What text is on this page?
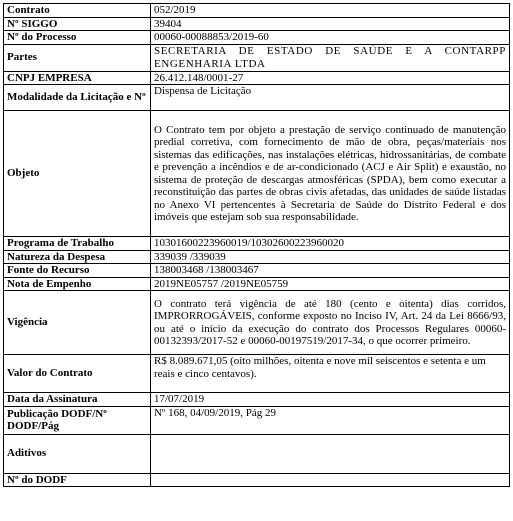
Contrato	052/2019
Nº SIGGO	39404
Nº do Processo	00060-00088853/2019-60
Partes	SECRETARIA DE ESTADO DE SAÚDE E A CONTARPP ENGENHARIA LTDA
CNPJ EMPRESA	26.412.148/0001-27
Modalidade da Licitação e Nº	Dispensa de Licitação
Objeto	O Contrato tem por objeto a prestação de serviço continuado de manutenção predial corretiva, com fornecimento de mão de obra, peças/materiais nos sistemas das edificações, nas instalações elétricas, hidrossanitárias, de combate e prevenção a incêndios e de ar-condicionado (ACJ e Air Split) e exaustão, no sistema de proteção de descargas atmosféricas (SPDA), bem como executar a reconstituição das partes de obras civis afetadas, das unidades de saúde listadas no Anexo VI pertencentes à Secretaria de Saúde do Distrito Federal e dos imóveis que estejam sob sua responsabilidade.
Programa de Trabalho	10301600223960019/10302600223960020
Natureza da Despesa	339039 /339039
Fonte do Recurso	138003468 /138003467
Nota de Empenho	2019NE05757 /2019NE05759
Vigência	O contrato terá vigência de até 180 (cento e oitenta) dias corridos, IMPRORROGÁVEIS, conforme exposto no Inciso IV, Art. 24 da Lei 8666/93, ou até o início da execução do contrato dos Processos Regulares 00060-00132393/2017-52 e 00060-00197519/2017-34, o que ocorrer primeiro.
Valor do Contrato	R$ 8.089.671,05 (oito milhões, oitenta e nove mil seiscentos e setenta e um reais e cinco centavos).
Data da Assinatura	17/07/2019
Publicação DODF/Nº DODF/Pág	Nº 168, 04/09/2019, Pág 29
Aditivos	
Nº do DODF	
